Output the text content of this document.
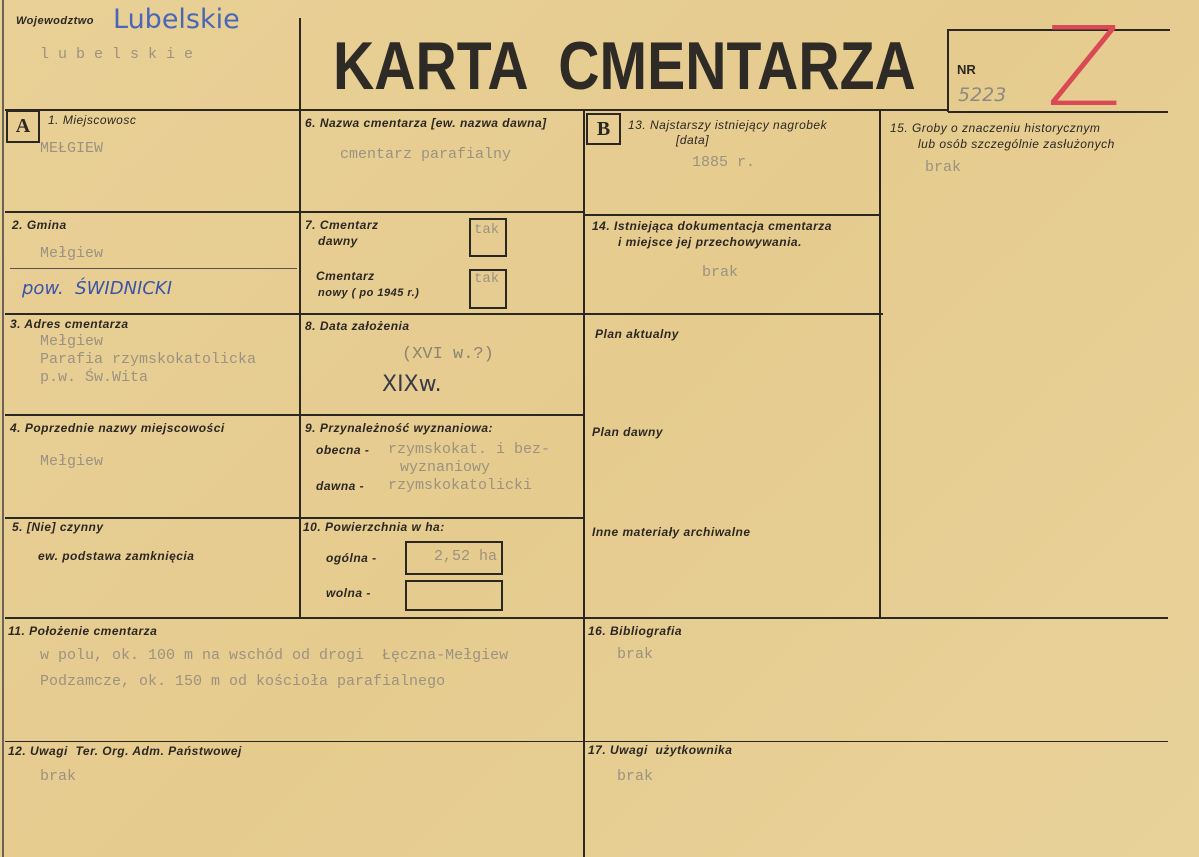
Wojewodztwo Lubelskie
l u b e l s k i e KARTA  CMENTARZA	NR
5223 Z
A	1. Miejscowosc
MEŁGIEW
2. Gmina
Mełgiew
pow.  ŚWIDNICKI
3. Adres cmentarza
Mełgiew
Parafia rzymskokatolicka
p.w. Św.Wita
4. Poprzednie nazwy miejscowości
Mełgiew
5. [Nie] czynny
ew. podstawa zamknięcia
6. Nazwa cmentarza [ew. nazwa dawna]
cmentarz parafialny
7. Cmentarz
dawny
tak
Cmentarz
nowy ( po 1945 r.)
tak
8. Data założenia
(XVI w.?)
XIXw.
9. Przynależność wyznaniowa:
obecna - rzymskokat. i bez-
wyznaniowy
dawna - rzymskokatolicki
10. Powierzchnia w ha:
ogólna -	2,52 ha
wolna -
B	13. Najstarszy istniejący nagrobek
[data]
1885 r.
14. Istniejąca dokumentacja cmentarza
i miejsce jej przechowywania.
brak
Plan aktualny
Plan dawny
Inne materiały archiwalne
15. Groby o znaczeniu historycznym
lub osób szczególnie zasłużonych
brak
11. Położenie cmentarza
w polu, ok. 100 m na wschód od drogi  Łęczna-Mełgiew
Podzamcze, ok. 150 m od kościoła parafialnego
12. Uwagi  Ter. Org. Adm. Państwowej
brak
16. Bibliografia
brak
17. Uwagi  użytkownika
brak
